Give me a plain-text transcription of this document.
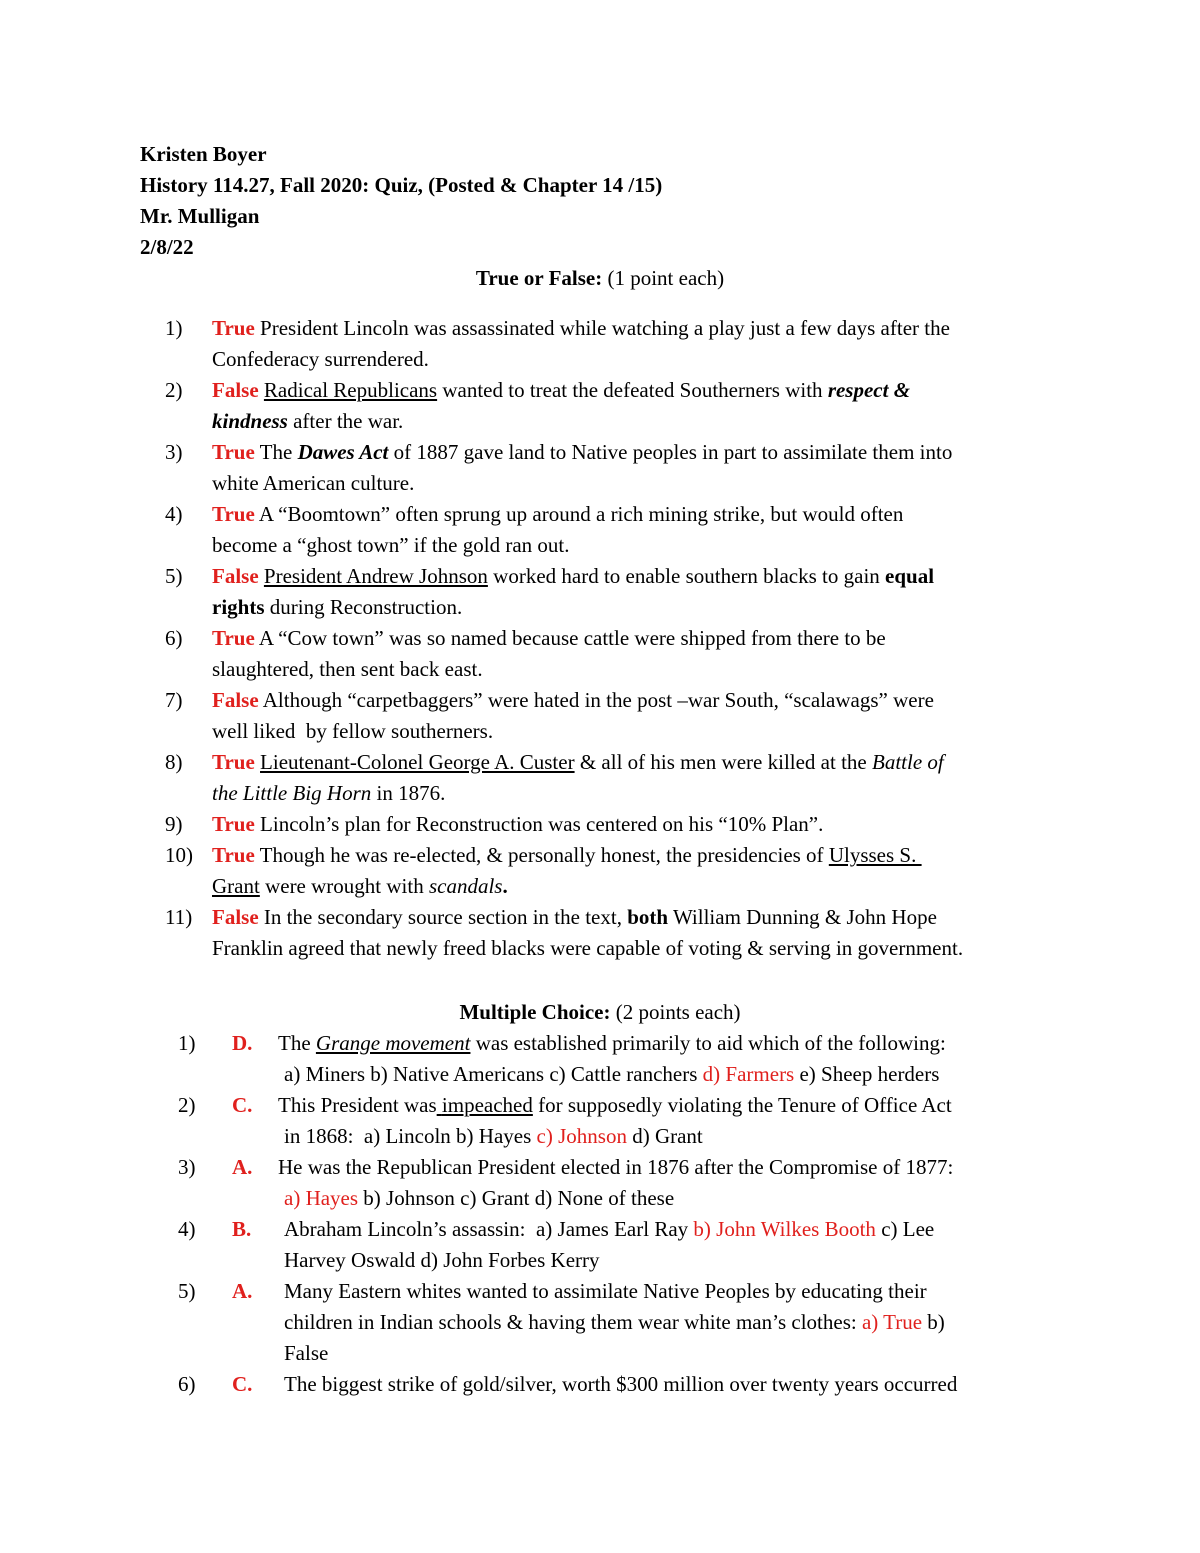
Kristen Boyer
History 114.27, Fall 2020: Quiz, (Posted & Chapter 14 /15)
Mr. Mulligan
2/8/22
True or False: (1 point each)
1) True President Lincoln was assassinated while watching a play just a few days after the
Confederacy surrendered.
2) False Radical Republicans wanted to treat the defeated Southerners with respect &
kindness after the war.
3) True The Dawes Act of 1887 gave land to Native peoples in part to assimilate them into
white American culture.
4) True A “Boomtown” often sprung up around a rich mining strike, but would often
become a “ghost town” if the gold ran out.
5) False President Andrew Johnson worked hard to enable southern blacks to gain equal
rights during Reconstruction.
6) True A “Cow town” was so named because cattle were shipped from there to be
slaughtered, then sent back east.
7) False Although “carpetbaggers” were hated in the post –war South, “scalawags” were
well liked  by fellow southerners.
8) True Lieutenant-Colonel George A. Custer & all of his men were killed at the Battle of
the Little Big Horn in 1876.
9) True Lincoln’s plan for Reconstruction was centered on his “10% Plan”.
10) True Though he was re-elected, & personally honest, the presidencies of Ulysses S.
Grant were wrought with scandals.
11) False In the secondary source section in the text, both William Dunning & John Hope
Franklin agreed that newly freed blacks were capable of voting & serving in government.
Multiple Choice: (2 points each)
1) D. The Grange movement was established primarily to aid which of the following:
a) Miners b) Native Americans c) Cattle ranchers d) Farmers e) Sheep herders
2) C. This President was impeached for supposedly violating the Tenure of Office Act
in 1868:  a) Lincoln b) Hayes c) Johnson d) Grant
3) A. He was the Republican President elected in 1876 after the Compromise of 1877:
a) Hayes b) Johnson c) Grant d) None of these
4) B. Abraham Lincoln’s assassin:  a) James Earl Ray b) John Wilkes Booth c) Lee
Harvey Oswald d) John Forbes Kerry
5) A. Many Eastern whites wanted to assimilate Native Peoples by educating their
children in Indian schools & having them wear white man’s clothes: a) True b)
False
6) C. The biggest strike of gold/silver, worth $300 million over twenty years occurred
